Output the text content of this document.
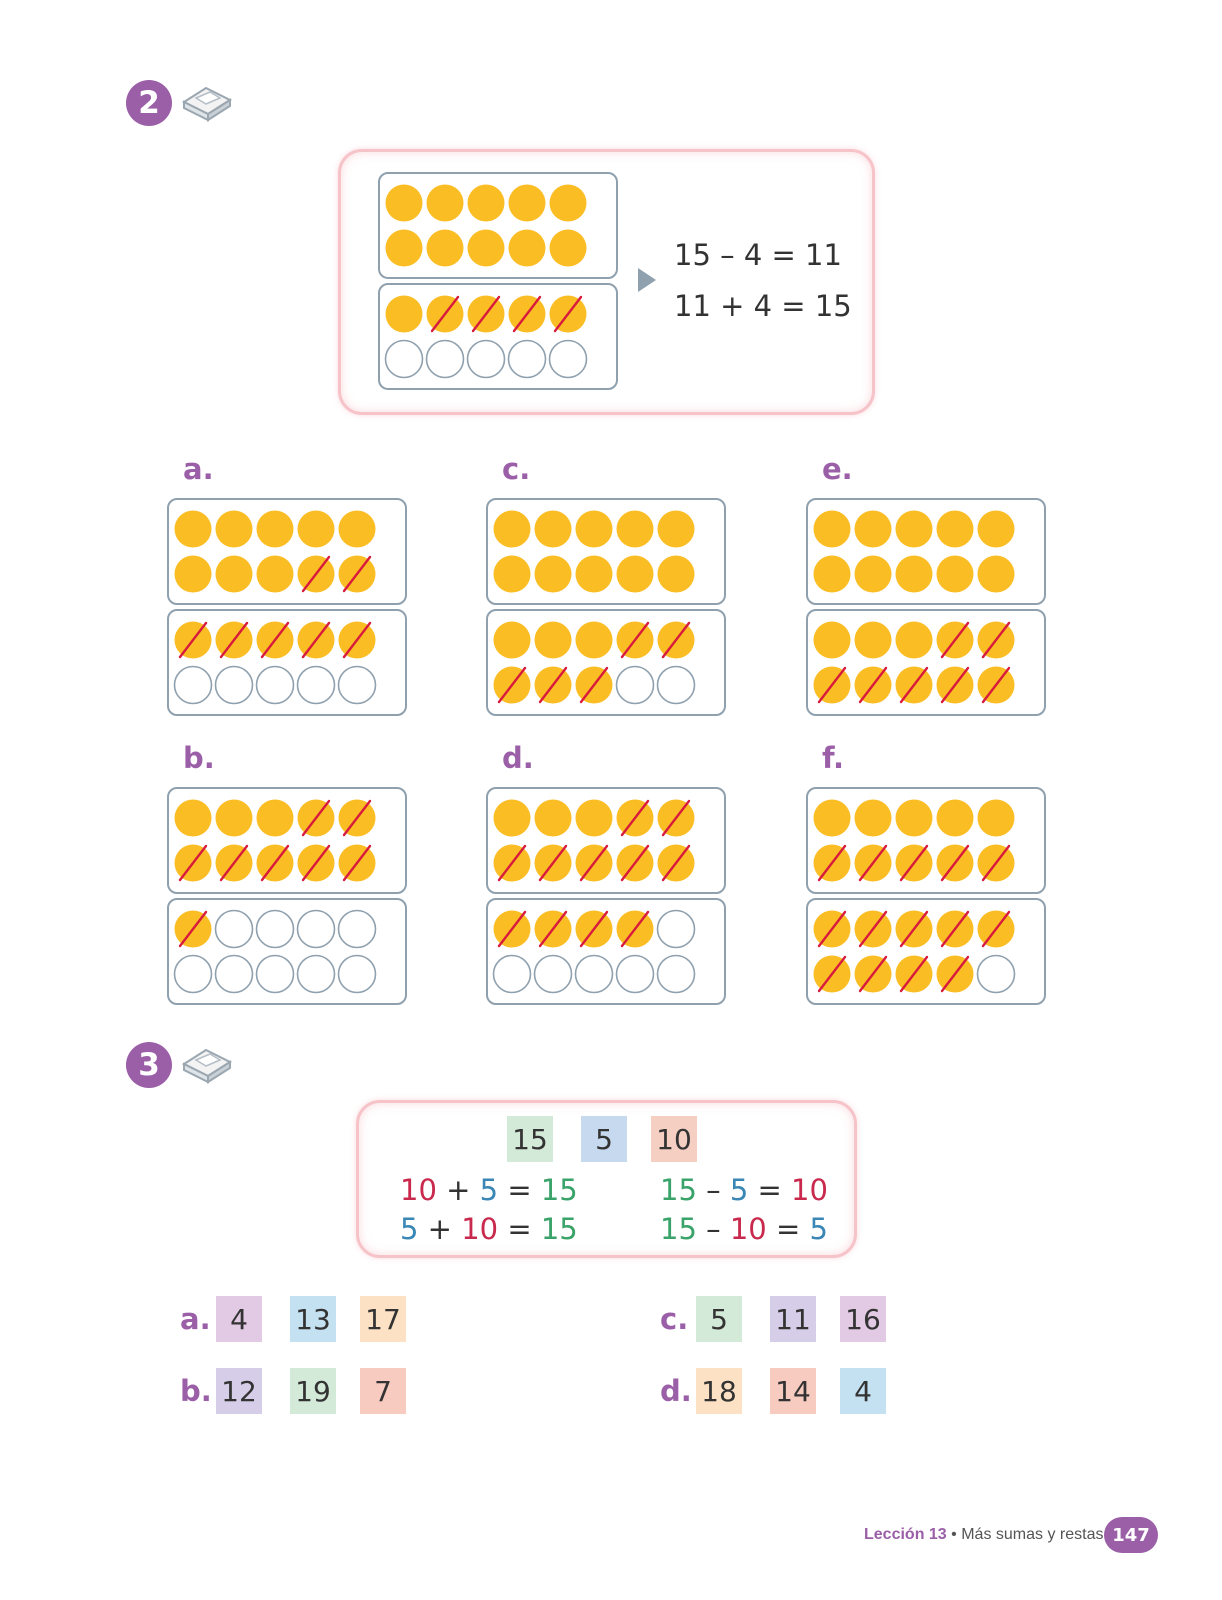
2
15 – 4 = 11
11 + 4 = 15
a.
b.
c.
d.
e.
f.
3
15	5	10
10 + 5 = 15
5 + 10 = 15
15 – 5 = 10
15 – 10 = 5
a. 4	13 17
b. 12 19	7
c. 5	11 16
d. 18 14	4
Lección 13 • Más sumas y restas 147
